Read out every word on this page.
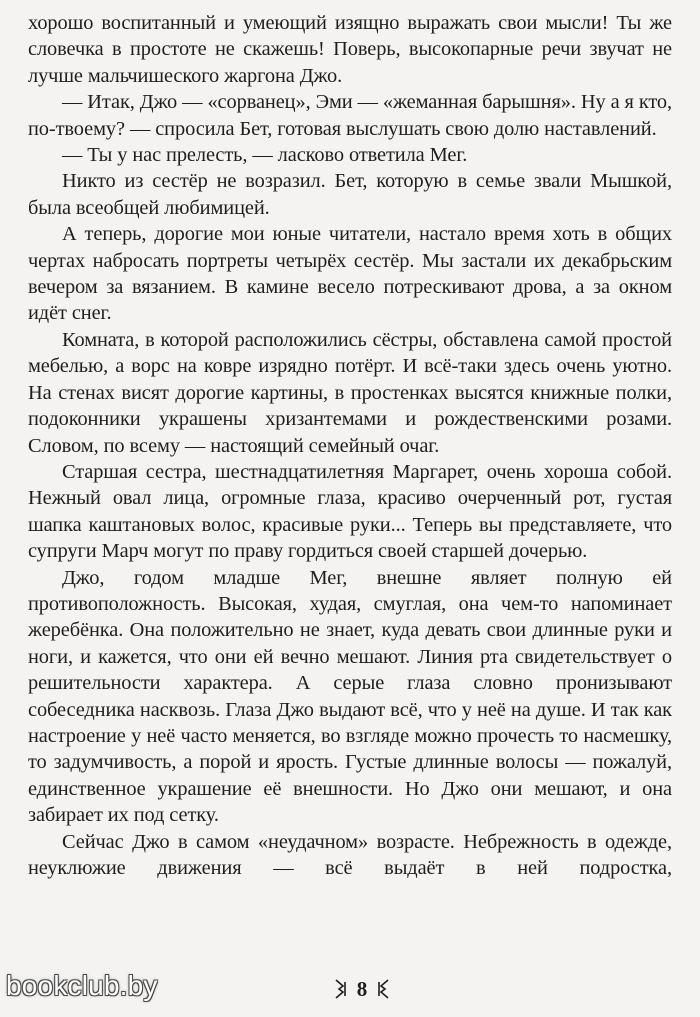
хорошо воспитанный и умеющий изящно выражать свои мысли! Ты же словечка в простоте не скажешь! Поверь, высокопарные речи звучат не лучше мальчишеского жаргона Джо.

— Итак, Джо — «сорванец», Эми — «жеманная барышня». Ну а я кто, по-твоему? — спросила Бет, готовая выслушать свою долю наставлений.

— Ты у нас прелесть, — ласково ответила Мег.

Никто из сестёр не возразил. Бет, которую в семье звали Мышкой, была всеобщей любимицей.

А теперь, дорогие мои юные читатели, настало время хоть в общих чертах набросать портреты четырёх сестёр. Мы застали их декабрьским вечером за вязанием. В камине весело потрескивают дрова, а за окном идёт снег.

Комната, в которой расположились сёстры, обставлена самой простой мебелью, а ворс на ковре изрядно потёрт. И всё-таки здесь очень уютно. На стенах висят дорогие картины, в простенках высятся книжные полки, подоконники украшены хризантемами и рождественскими розами. Словом, по всему — настоящий семейный очаг.

Старшая сестра, шестнадцатилетняя Маргарет, очень хороша собой. Нежный овал лица, огромные глаза, красиво очерченный рот, густая шапка каштановых волос, красивые руки... Теперь вы представляете, что супруги Марч могут по праву гордиться своей старшей дочерью.

Джо, годом младше Мег, внешне являет полную ей противоположность. Высокая, худая, смуглая, она чем-то напоминает жеребёнка. Она положительно не знает, куда девать свои длинные руки и ноги, и кажется, что они ей вечно мешают. Линия рта свидетельствует о решительности характера. А серые глаза словно пронизывают собеседника насквозь. Глаза Джо выдают всё, что у неё на душе. И так как настроение у неё часто меняется, во взгляде можно прочесть то насмешку, то задумчивость, а порой и ярость. Густые длинные волосы — пожалуй, единственное украшение её внешности. Но Джо они мешают, и она забирает их под сетку.

Сейчас Джо в самом «неудачном» возрасте. Небрежность в одежде, неуклюжие движения — всё выдаёт в ней подростка,

bookclub.by	8
